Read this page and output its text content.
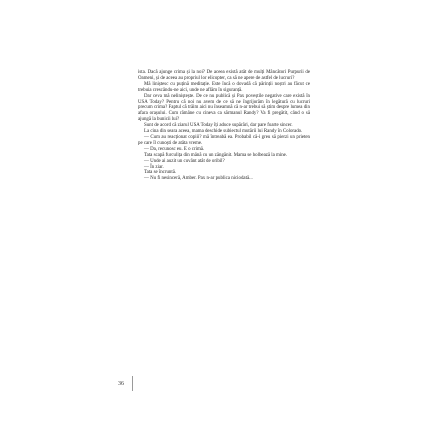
ista. Dacă ajunge crima și la noi? De aceea există atât de mulți Mâncători Purpurii de Oameni, și de aceea au propriul lor elicopter, ca să ne apere de astfel de lucruri?

Mă liniștesc cu puțină meditație. Este încă o dovadă că părinții noștri au făcut ce trebuia crescându-ne aici, unde ne aflăm în siguranță.

Dar ceva mă neliniștește. De ce nu publică și Pax poveștile negative care există în USA Today? Pentru că noi nu avem de ce să ne îngrijorăm în legătură cu lucruri precum crima? Faptul că trăim aici nu înseamnă că n-ar trebui să știm despre lumea din afara orașului. Cum rămâne cu cineva ca sărmanul Randy? Va fi pregătit, când o să ajungă la bunicii lui?

Sunt de acord că ziarul USA Today îți aduce supărări, dar pare foarte sincer.

La cina din seara aceea, mama deschide subiectul mutării lui Randy în Colorado.

— Cum au reacționat copiii? mă întreabă ea. Probabil că-i greu să pierzi un prieten pe care îl cunoști de atâta vreme.

— Da, recunosc eu. E o crimă.

Tata scapă furculița din mână cu un zăngănit. Mama se holbează la mine.

— Unde ai auzit un cuvânt atât de oribil?

— În ziar.

Tata se încruntă.

— Nu fi nesinceră, Amber. Pax n-ar publica niciodată...

36
